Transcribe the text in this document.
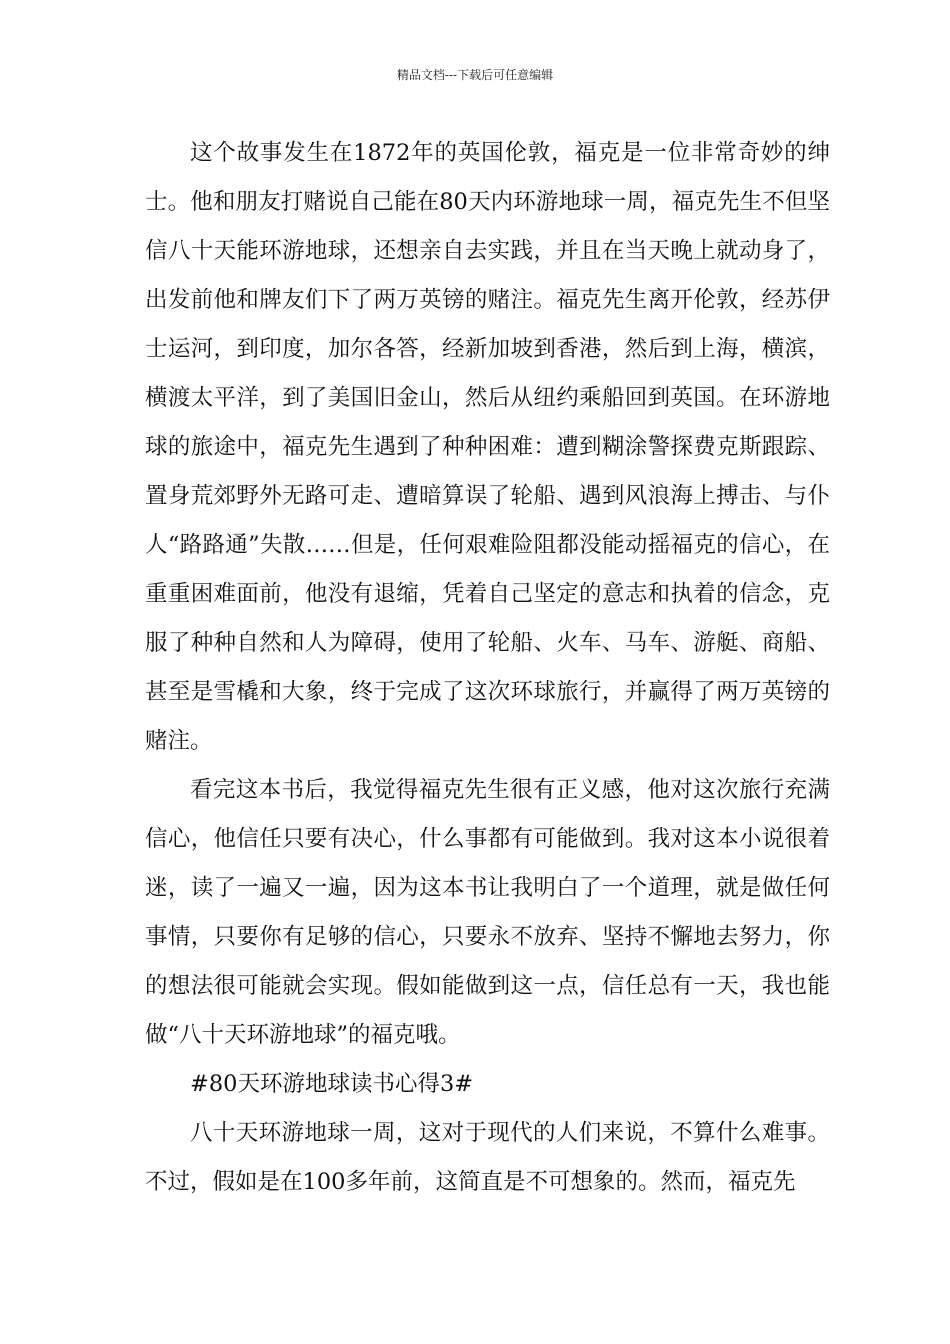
精品文档---下载后可任意编辑

这个故事发生在1872年的英国伦敦，福克是一位非常奇妙的绅士。他和朋友打赌说自己能在80天内环游地球一周，福克先生不但坚信八十天能环游地球，还想亲自去实践，并且在当天晚上就动身了，出发前他和牌友们下了两万英镑的赌注。福克先生离开伦敦，经苏伊士运河，到印度，加尔各答，经新加坡到香港，然后到上海，横滨，横渡太平洋，到了美国旧金山，然后从纽约乘船回到英国。在环游地球的旅途中，福克先生遇到了种种困难：遭到糊涂警探费克斯跟踪、置身荒郊野外无路可走、遭暗算误了轮船、遇到风浪海上搏击、与仆人“路路通”失散……但是，任何艰难险阻都没能动摇福克的信心，在重重困难面前，他没有退缩，凭着自己坚定的意志和执着的信念，克服了种种自然和人为障碍，使用了轮船、火车、马车、游艇、商船、甚至是雪橇和大象，终于完成了这次环球旅行，并赢得了两万英镑的赌注。

看完这本书后，我觉得福克先生很有正义感，他对这次旅行充满信心，他信任只要有决心，什么事都有可能做到。我对这本小说很着迷，读了一遍又一遍，因为这本书让我明白了一个道理，就是做任何事情，只要你有足够的信心，只要永不放弃、坚持不懈地去努力，你的想法很可能就会实现。假如能做到这一点，信任总有一天，我也能做“八十天环游地球”的福克哦。

#80天环游地球读书心得3#

八十天环游地球一周，这对于现代的人们来说，不算什么难事。不过，假如是在100多年前，这简直是不可想象的。然而，福克先
